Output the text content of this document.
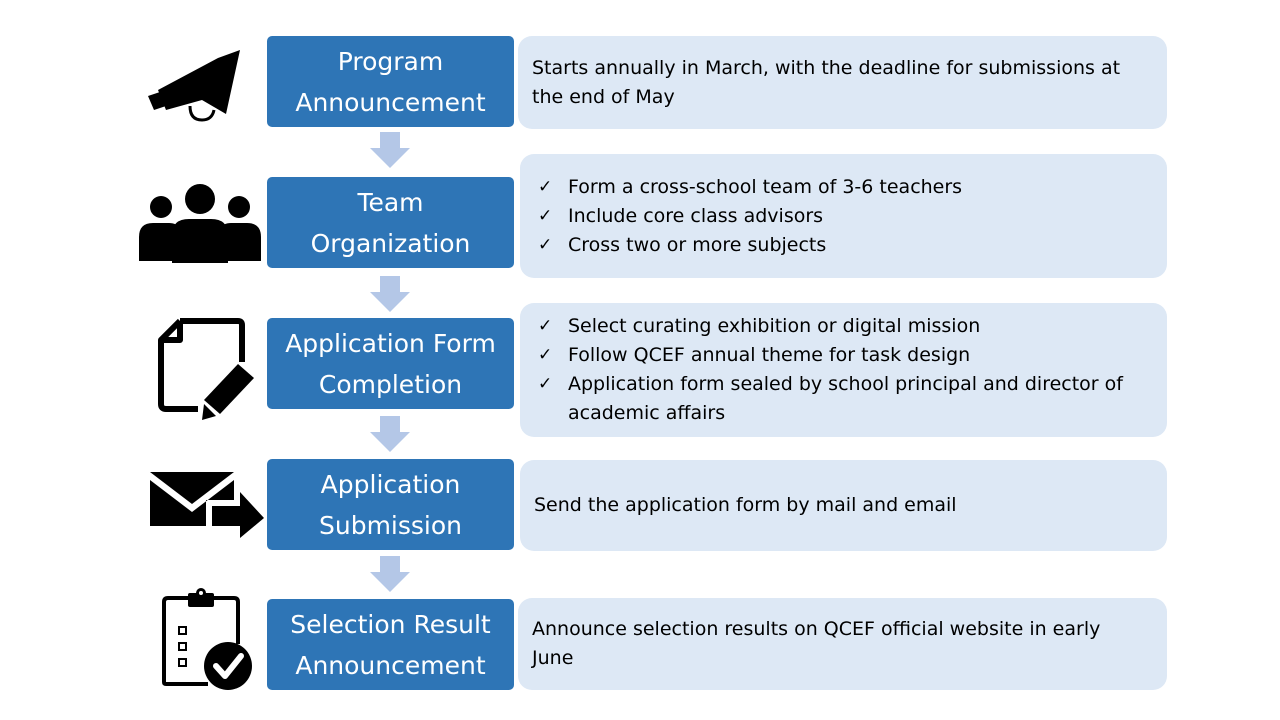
Program
Announcement
Starts annually in March, with the deadline for submissions at
the end of May
Team
Organization
✓ Form a cross-school team of 3-6 teachers
✓ Include core class advisors
✓ Cross two or more subjects
Application Form
Completion
✓ Select curating exhibition or digital mission
✓ Follow QCEF annual theme for task design
✓ Application form sealed by school principal and director of academic affairs
Application
Submission
Send the application form by mail and email
Selection Result
Announcement
Announce selection results on QCEF official website in early
June
